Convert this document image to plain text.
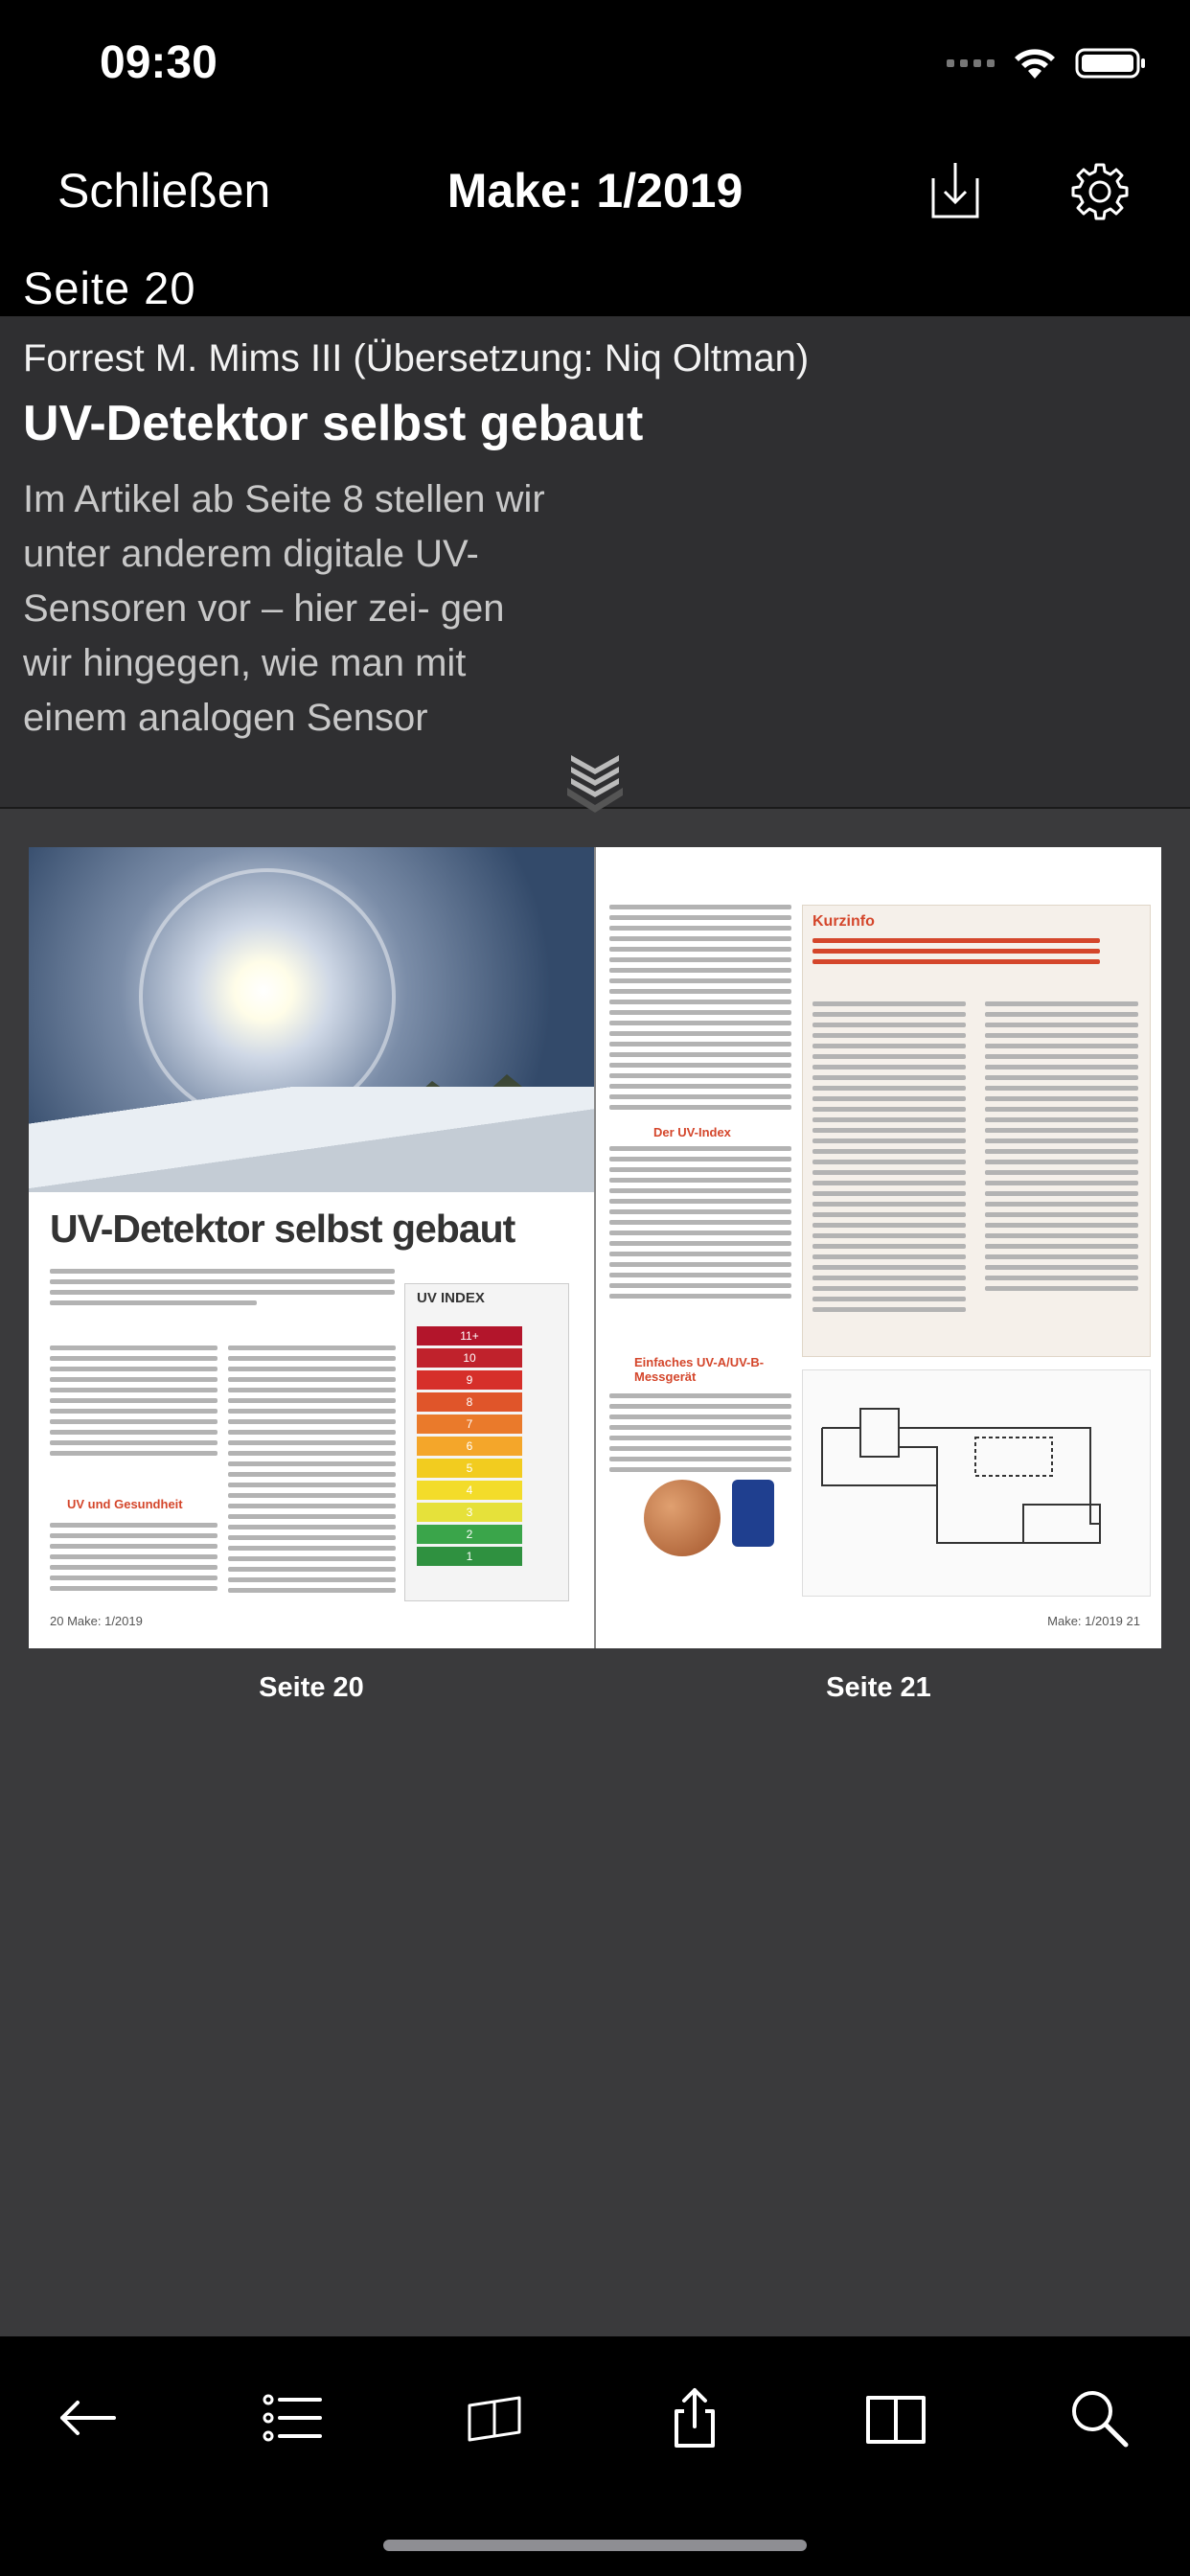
09:30
Schließen	Make: 1/2019
Seite 20
Forrest M. Mims III (Übersetzung: Niq Oltman)
UV-Detektor selbst gebaut
Im Artikel ab Seite 8 stellen wir unter anderem digitale UV-Sensoren vor – hier zei- gen wir hingegen, wie man mit einem analogen Sensor
UV-Detektor selbst gebaut
UV und Gesundheit
UV INDEX
11+
10
9
8
7
6
5
4
3
2
1
20 Make: 1/2019
Der UV-Index
Einfaches UV-A/UV-B-Messgerät
Kurzinfo
Make: 1/2019 21
Seite 20	Seite 21
